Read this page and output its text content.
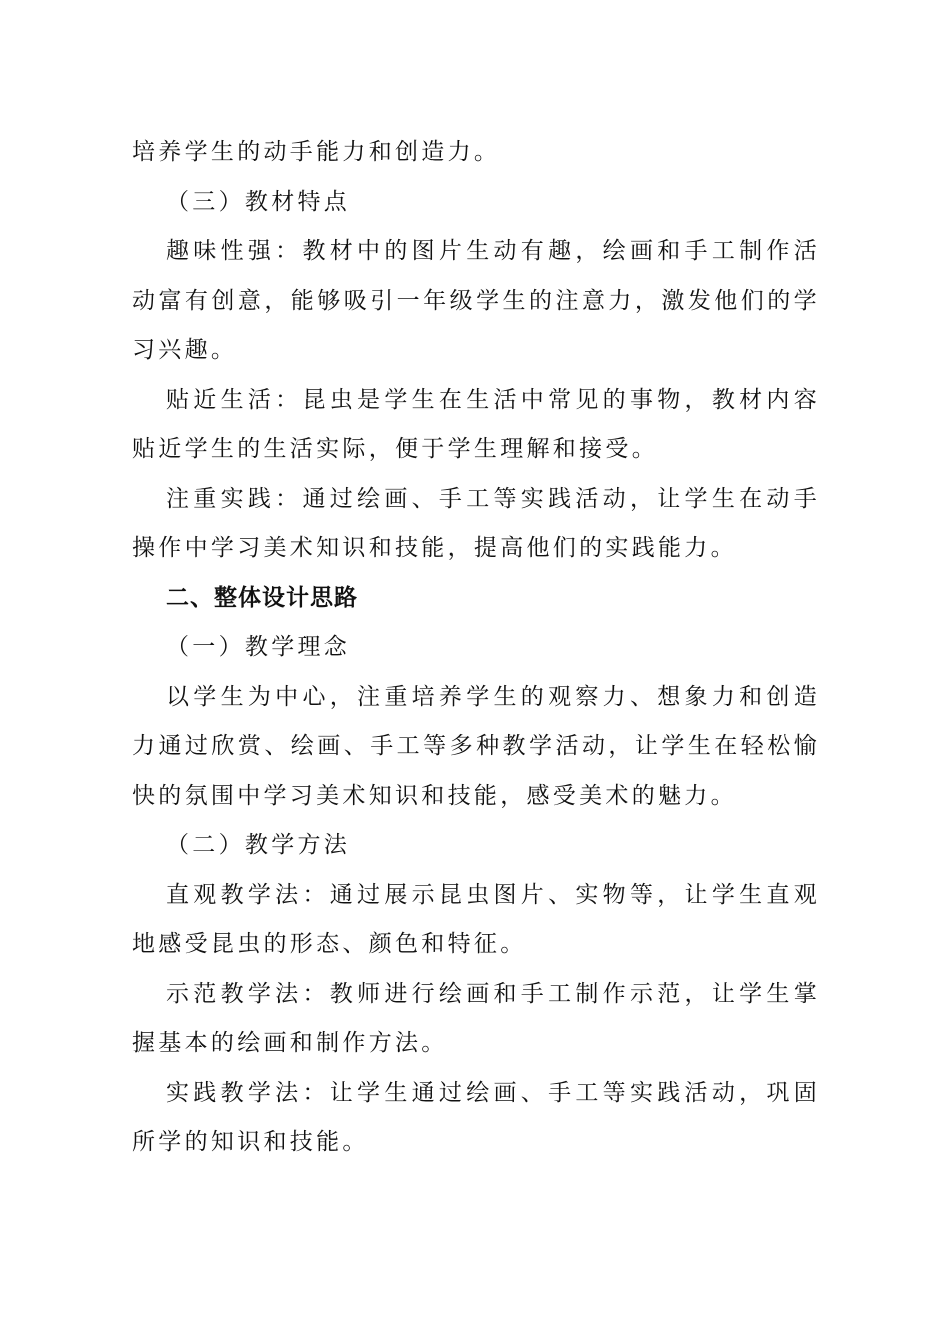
培养学生的动手能力和创造力。

（三）教材特点

趣味性强：教材中的图片生动有趣，绘画和手工制作活动富有创意，能够吸引一年级学生的注意力，激发他们的学习兴趣。

贴近生活：昆虫是学生在生活中常见的事物，教材内容贴近学生的生活实际，便于学生理解和接受。

注重实践：通过绘画、手工等实践活动，让学生在动手操作中学习美术知识和技能，提高他们的实践能力。

二、整体设计思路

（一）教学理念

以学生为中心，注重培养学生的观察力、想象力和创造力通过欣赏、绘画、手工等多种教学活动，让学生在轻松愉快的氛围中学习美术知识和技能，感受美术的魅力。

（二）教学方法

直观教学法：通过展示昆虫图片、实物等，让学生直观地感受昆虫的形态、颜色和特征。

示范教学法：教师进行绘画和手工制作示范，让学生掌握基本的绘画和制作方法。

实践教学法：让学生通过绘画、手工等实践活动，巩固所学的知识和技能。
